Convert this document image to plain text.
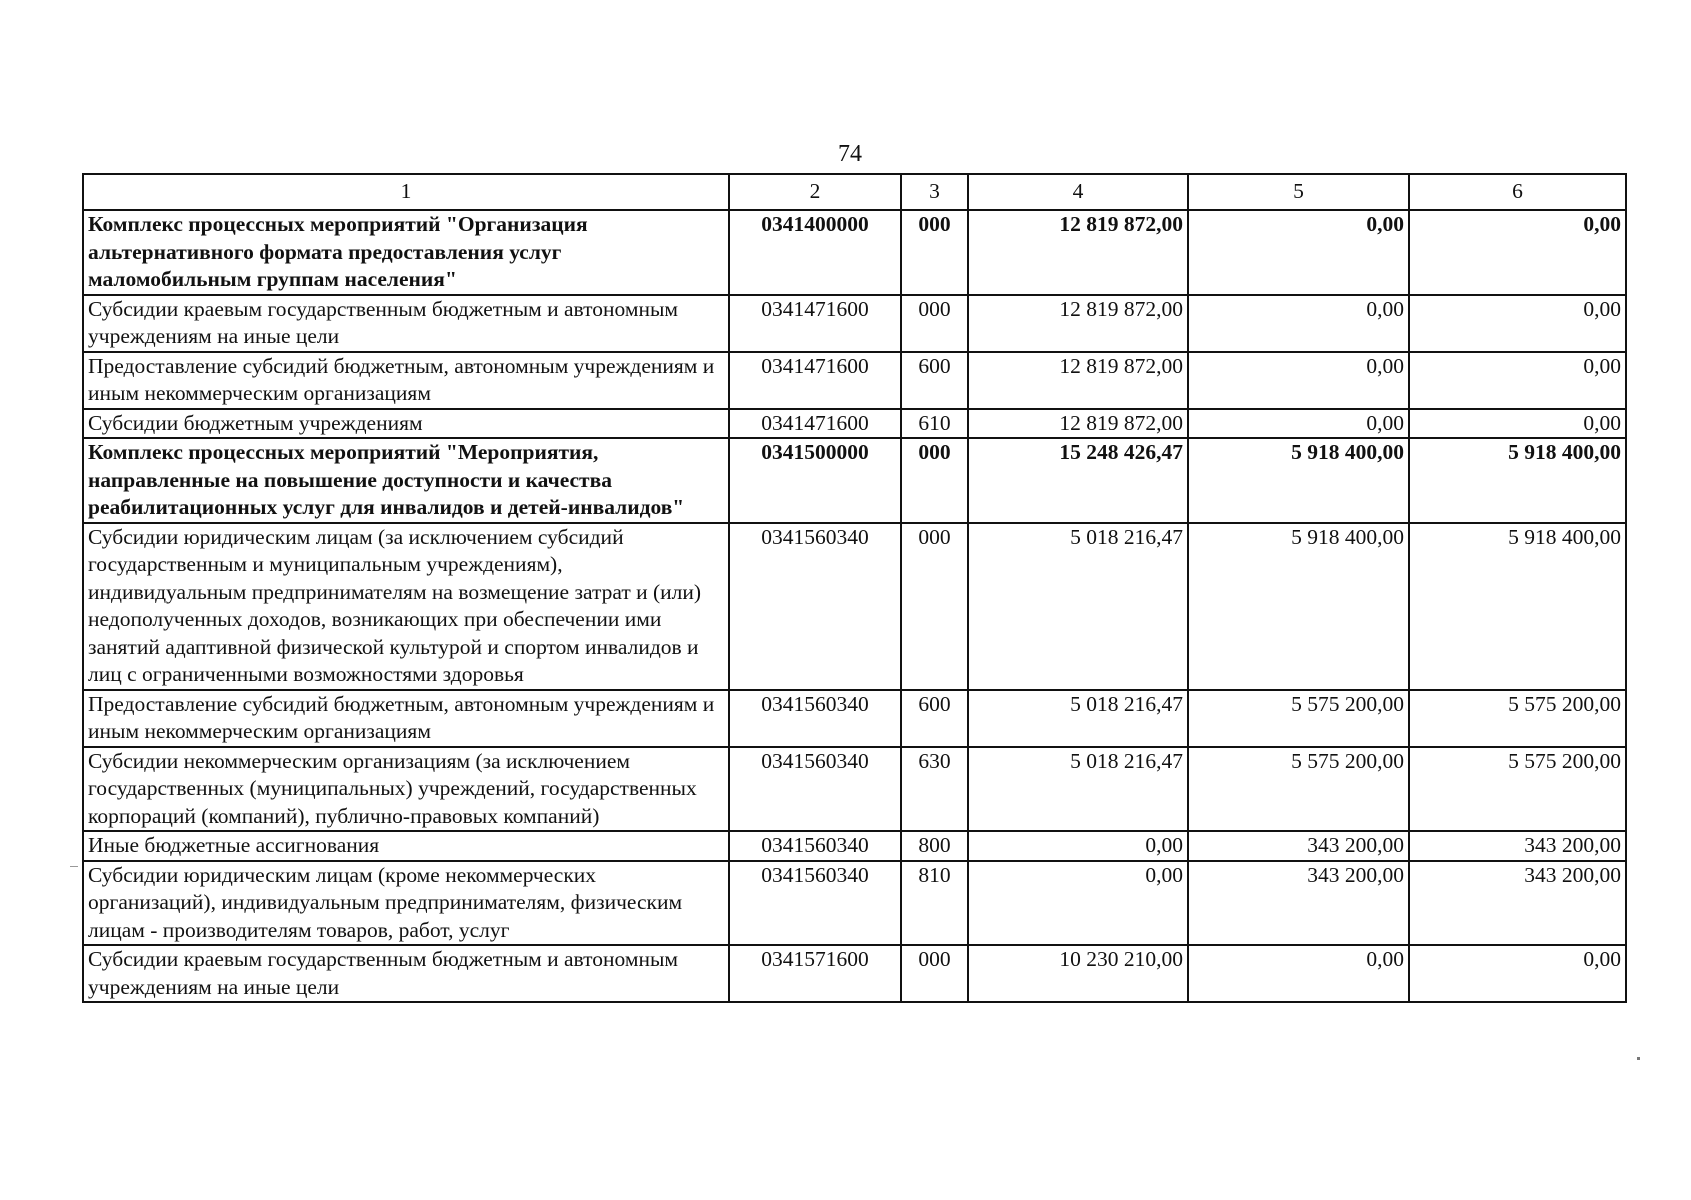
74
1	2	3	4	5	6
Комплекс процессных мероприятий "Организация альтернативного формата предоставления услуг маломобильным группам населения"	0341400000	000	12 819 872,00	0,00	0,00
Субсидии краевым государственным бюджетным и автономным учреждениям на иные цели	0341471600	000	12 819 872,00	0,00	0,00
Предоставление субсидий бюджетным, автономным учреждениям и иным некоммерческим организациям	0341471600	600	12 819 872,00	0,00	0,00
Субсидии бюджетным учреждениям	0341471600	610	12 819 872,00	0,00	0,00
Комплекс процессных мероприятий "Мероприятия, направленные на повышение доступности и качества реабилитационных услуг для инвалидов и детей-инвалидов"	0341500000	000	15 248 426,47	5 918 400,00	5 918 400,00
Субсидии юридическим лицам (за исключением субсидий государственным и муниципальным учреждениям), индивидуальным предпринимателям на возмещение затрат и (или) недополученных доходов, возникающих при обеспечении ими занятий адаптивной физической культурой и спортом инвалидов и лиц с ограниченными возможностями здоровья	0341560340	000	5 018 216,47	5 918 400,00	5 918 400,00
Предоставление субсидий бюджетным, автономным учреждениям и иным некоммерческим организациям	0341560340	600	5 018 216,47	5 575 200,00	5 575 200,00
Субсидии некоммерческим организациям (за исключением государственных (муниципальных) учреждений, государственных корпораций (компаний), публично-правовых компаний)	0341560340	630	5 018 216,47	5 575 200,00	5 575 200,00
Иные бюджетные ассигнования	0341560340	800	0,00	343 200,00	343 200,00
Субсидии юридическим лицам (кроме некоммерческих организаций), индивидуальным предпринимателям, физическим лицам - производителям товаров, работ, услуг	0341560340	810	0,00	343 200,00	343 200,00
Субсидии краевым государственным бюджетным и автономным учреждениям на иные цели	0341571600	000	10 230 210,00	0,00	0,00
